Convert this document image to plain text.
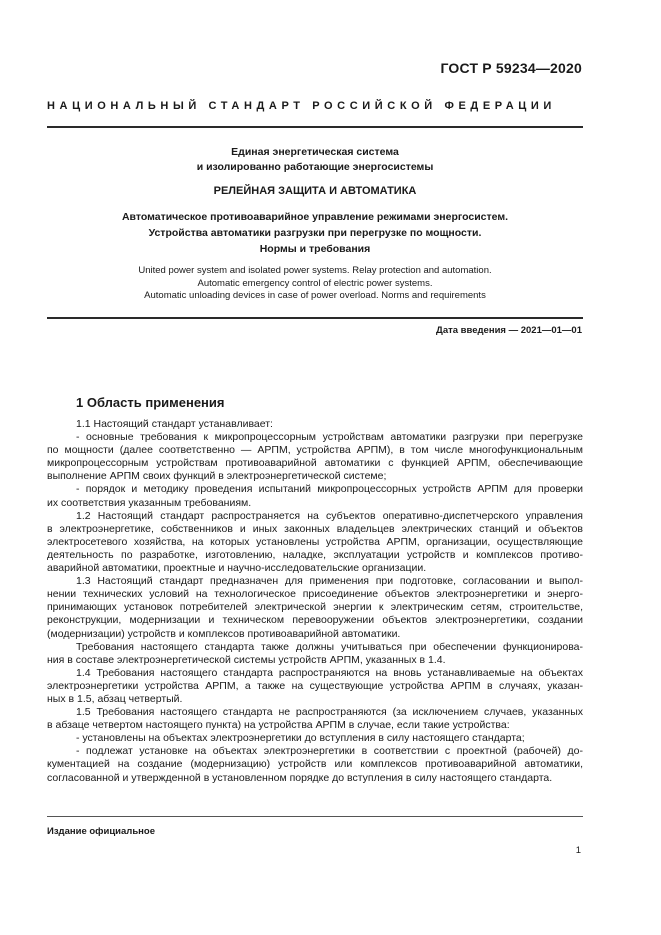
ГОСТ Р 59234—2020
НАЦИОНАЛЬНЫЙ СТАНДАРТ РОССИЙСКОЙ ФЕДЕРАЦИИ
Единая энергетическая система
и изолированно работающие энергосистемы
РЕЛЕЙНАЯ ЗАЩИТА И АВТОМАТИКА
Автоматическое противоаварийное управление режимами энергосистем.
Устройства автоматики разгрузки при перегрузке по мощности.
Нормы и требования
United power system and isolated power systems. Relay protection and automation.
Automatic emergency control of electric power systems.
Automatic unloading devices in case of power overload. Norms and requirements
Дата введения — 2021—01—01
1 Область применения
1.1 Настоящий стандарт устанавливает:
- основные требования к микропроцессорным устройствам автоматики разгрузки при перегрузке
по мощности (далее соответственно — АРПМ, устройства АРПМ), в том числе многофункциональным
микропроцессорным устройствам противоаварийной автоматики с функцией АРПМ, обеспечивающие
выполнение АРПМ своих функций в электроэнергетической системе;
- порядок и методику проведения испытаний микропроцессорных устройств АРПМ для проверки
их соответствия указанным требованиям.
1.2 Настоящий стандарт распространяется на субъектов оперативно-диспетчерского управления
в электроэнергетике, собственников и иных законных владельцев электрических станций и объектов
электросетевого хозяйства, на которых установлены устройства АРПМ, организации, осуществляющие
деятельность по разработке, изготовлению, наладке, эксплуатации устройств и комплексов противо-
аварийной автоматики, проектные и научно-исследовательские организации.
1.3 Настоящий стандарт предназначен для применения при подготовке, согласовании и выпол-
нении технических условий на технологическое присоединение объектов электроэнергетики и энерго-
принимающих установок потребителей электрической энергии к электрическим сетям, строительстве,
реконструкции, модернизации и техническом перевооружении объектов электроэнергетики, создании
(модернизации) устройств и комплексов противоаварийной автоматики.
Требования настоящего стандарта также должны учитываться при обеспечении функционирова-
ния в составе электроэнергетической системы устройств АРПМ, указанных в 1.4.
1.4 Требования настоящего стандарта распространяются на вновь устанавливаемые на объектах
электроэнергетики устройства АРПМ, а также на существующие устройства АРПМ в случаях, указан-
ных в 1.5, абзац четвертый.
1.5 Требования настоящего стандарта не распространяются (за исключением случаев, указанных
в абзаце четвертом настоящего пункта) на устройства АРПМ в случае, если такие устройства:
- установлены на объектах электроэнергетики до вступления в силу настоящего стандарта;
- подлежат установке на объектах электроэнергетики в соответствии с проектной (рабочей) до-
кументацией на создание (модернизацию) устройств или комплексов противоаварийной автоматики,
согласованной и утвержденной в установленном порядке до вступления в силу настоящего стандарта.
Издание официальное
1
